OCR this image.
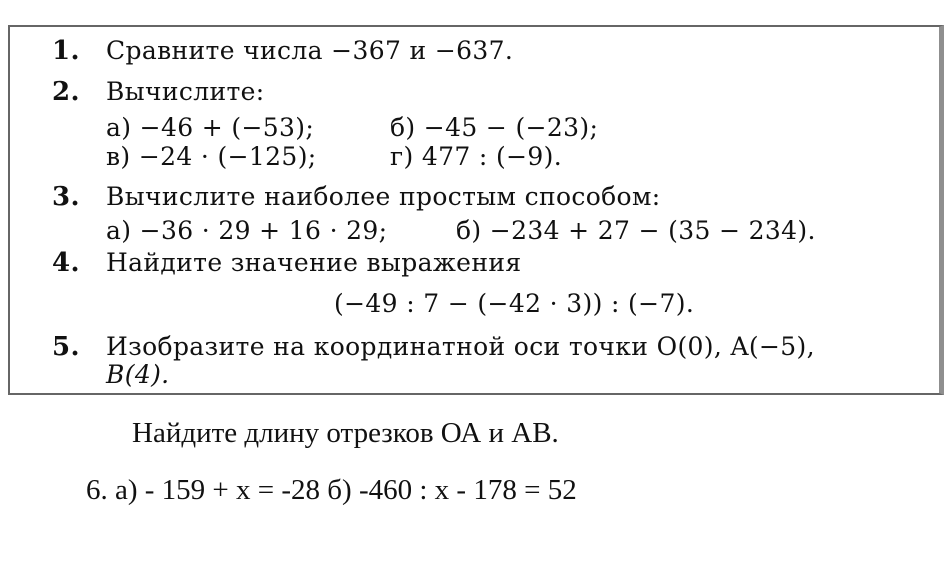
1. Сравните числа −367 и −637.
2. Вычислите:
а) −46 + (−53);	б) −45 − (−23);
в) −24 · (−125);	г) 477 : (−9).
3. Вычислите наиболее простым способом:
а) −36 · 29 + 16 · 29;	б) −234 + 27 − (35 − 234).
4. Найдите значение выражения
(−49 : 7 − (−42 · 3)) : (−7).
5. Изобразите на координатной оси точки O(0), A(−5),
B(4).
Найдите длину отрезков ОА и АВ.
6. а) - 159 + х = -28 б) -460 : х - 178 = 52
